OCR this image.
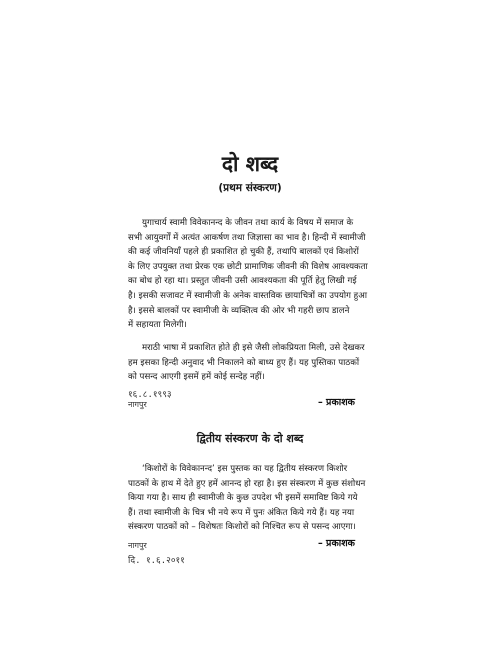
दो शब्द
(प्रथम संस्करण)

युगाचार्य स्वामी विवेकानन्द के जीवन तथा कार्य के विषय में समाज के
सभी आयुवर्गों में अत्यंत आकर्षण तथा जिज्ञासा का भाव है। हिन्दी में स्वामीजी
की कई जीवनियाँ पहले ही प्रकाशित हो चुकी हैं, तथापि बालकों एवं किशोरों
के लिए उपयुक्त तथा प्रेरक एक छोटी प्रामाणिक जीवनी की विशेष आवश्यकता
का बोध हो रहा था। प्रस्तुत जीवनी उसी आवश्यकता की पूर्ति हेतु लिखी गई
है। इसकी सजावट में स्वामीजी के अनेक वास्तविक छायाचित्रों का उपयोग हुआ
है। इससे बालकों पर स्वामीजी के व्यक्तित्व की ओर भी गहरी छाप डालने
में सहायता मिलेगी।

मराठी भाषा में प्रकाशित होते ही इसे जैसी लोकप्रियता मिली, उसे देखकर
हम इसका हिन्दी अनुवाद भी निकालने को बाध्य हुए हैं। यह पुस्तिका पाठकों
को पसन्द आएगी इसमें हमें कोई सन्देह नहीं।

१६.८.१९९३
नागपुर	– प्रकाशक
द्वितीय संस्करण के दो शब्द

‘किशोरों के विवेकानन्द’ इस पुस्तक का यह द्वितीय संस्करण किशोर
पाठकों के हाथ में देते हुए हमें आनन्द हो रहा है। इस संस्करण में कुछ संशोधन
किया गया है। साथ ही स्वामीजी के कुछ उपदेश भी इसमें समाविष्ट किये गये
हैं। तथा स्वामीजी के चित्र भी नये रूप में पुनः अंकित किये गये हैं। यह नया
संस्करण पाठकों को – विशेषतः किशोरों को निश्चित रूप से पसन्द आएगा।

नागपुर
दि. १.६.२०११
– प्रकाशक
